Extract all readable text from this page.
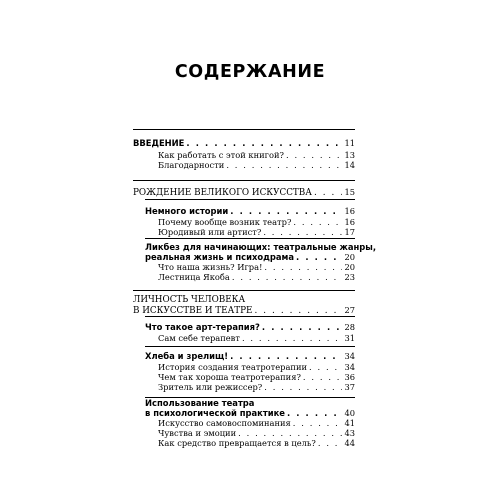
СОДЕРЖАНИЕ
ВВЕДЕНИЕ . . .	11
Как работать с этой книгой? . . .	13
Благодарности . . .	14
РОЖДЕНИЕ ВЕЛИКОГО ИСКУССТВА . . .	15
Немного истории . . .	16
Почему вообще возник театр? . . .	16
Юродивый или артист? . . .	17
Ликбез для начинающих: театральные жанры,
реальная жизнь и психодрама . . .	20
Что наша жизнь? Игра! . . .	20
Лестница Якоба . . .	23
ЛИЧНОСТЬ ЧЕЛОВЕКА
В ИСКУССТВЕ И ТЕАТРЕ . . .	27
Что такое арт-терапия? . . .	28
Сам себе терапевт . . .	31
Хлеба и зрелищ! . . .	34
История создания театротерапии . . .	34
Чем так хороша театротерапия? . . .	36
Зритель или режиссер? . . .	37
Использование театра
в психологической практике . . .	40
Искусство самовоспоминания . . .	41
Чувства и эмоции . . .	43
Как средство превращается в цель? . . .	44
